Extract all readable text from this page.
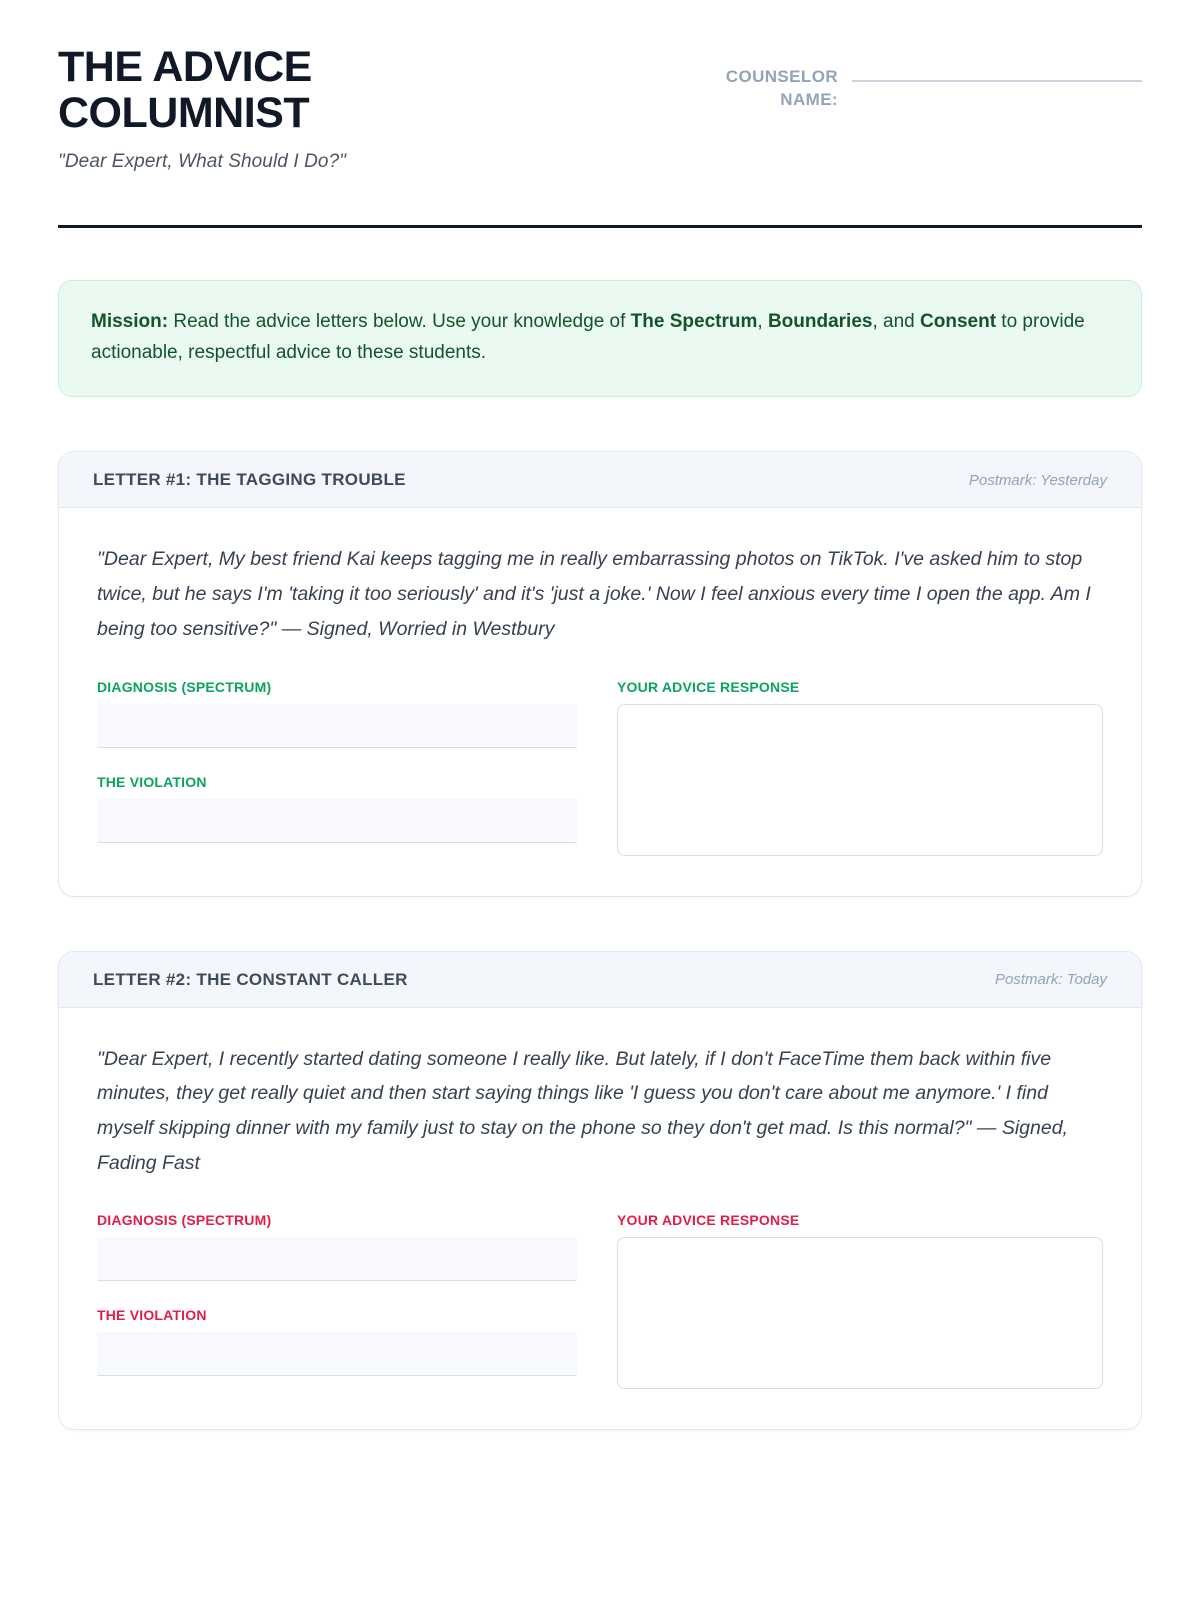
THE ADVICE COLUMNIST
"Dear Expert, What Should I Do?"
COUNSELOR NAME:
Mission: Read the advice letters below. Use your knowledge of The Spectrum, Boundaries, and Consent to provide actionable, respectful advice to these students.
LETTER #1: THE TAGGING TROUBLE	Postmark: Yesterday

"Dear Expert, My best friend Kai keeps tagging me in really embarrassing photos on TikTok. I've asked him to stop twice, but he says I'm 'taking it too seriously' and it's 'just a joke.' Now I feel anxious every time I open the app. Am I being too sensitive?" — Signed, Worried in Westbury

DIAGNOSIS (SPECTRUM)
THE VIOLATION
YOUR ADVICE RESPONSE
LETTER #2: THE CONSTANT CALLER	Postmark: Today

"Dear Expert, I recently started dating someone I really like. But lately, if I don't FaceTime them back within five minutes, they get really quiet and then start saying things like 'I guess you don't care about me anymore.' I find myself skipping dinner with my family just to stay on the phone so they don't get mad. Is this normal?" — Signed, Fading Fast

DIAGNOSIS (SPECTRUM)
THE VIOLATION
YOUR ADVICE RESPONSE
